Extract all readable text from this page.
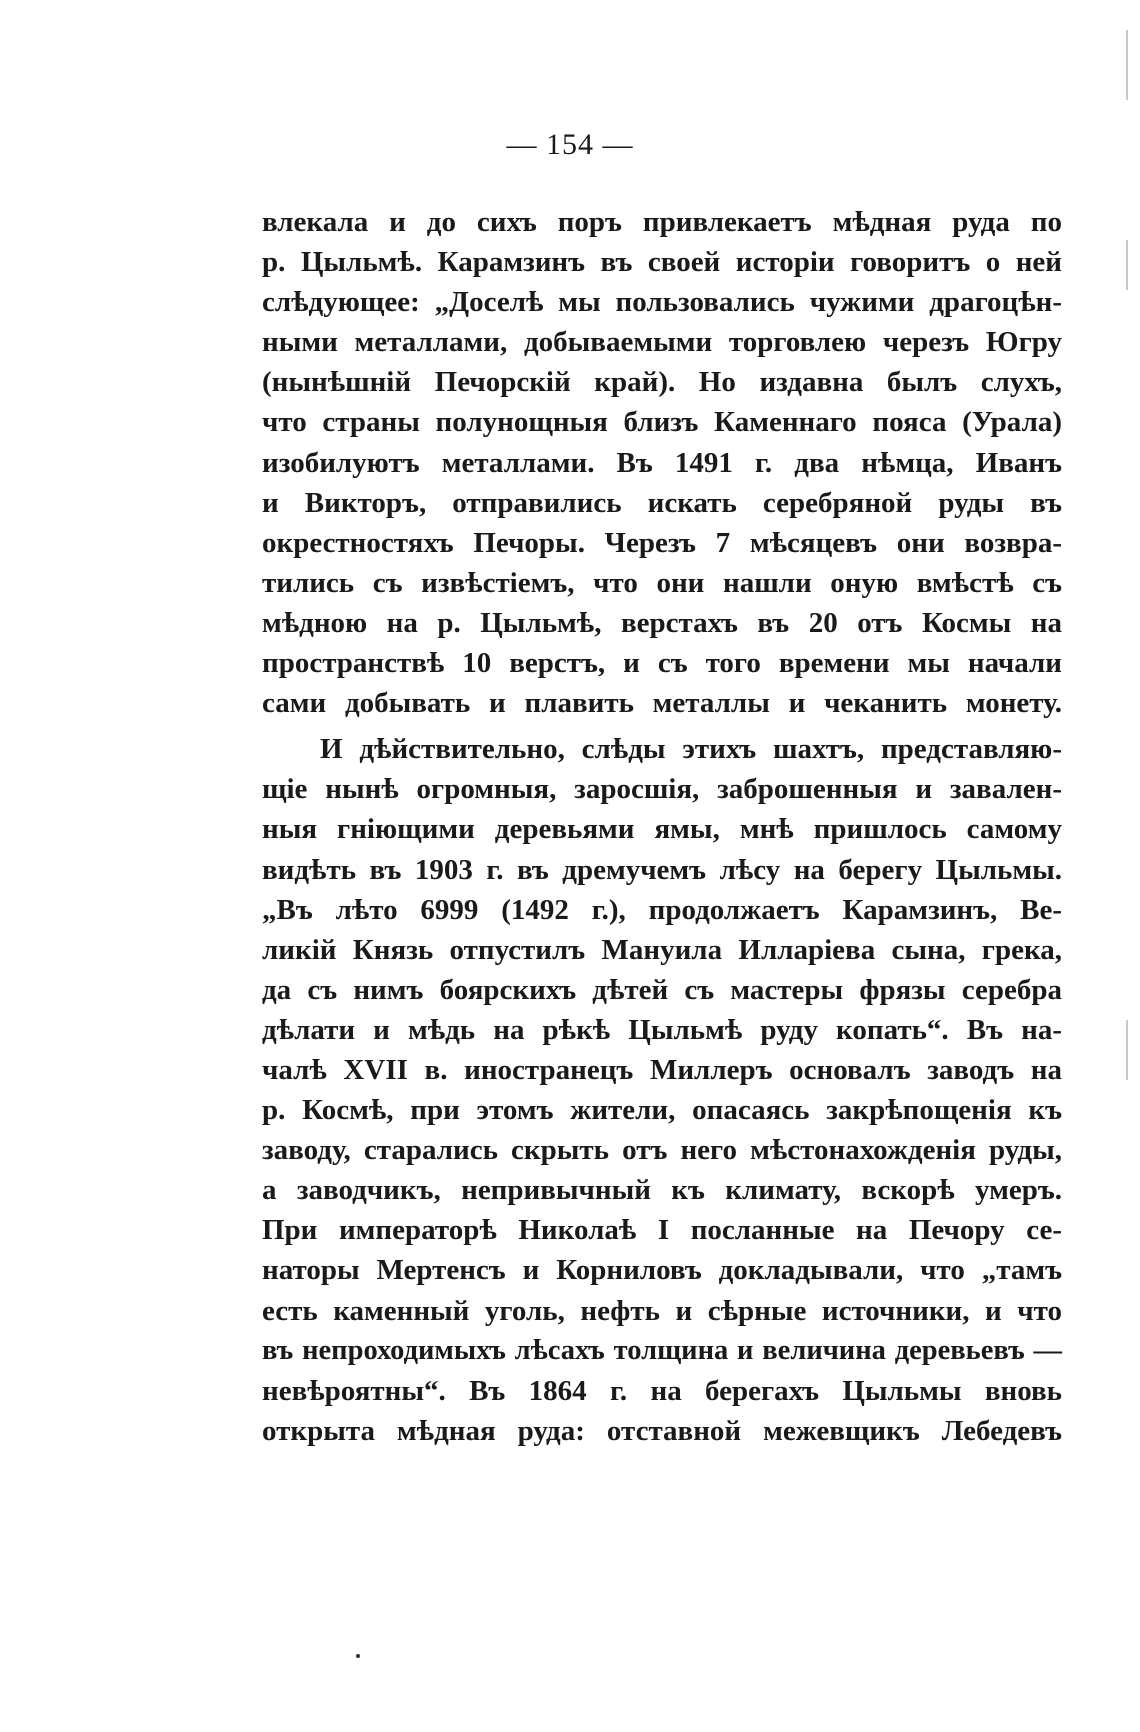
— 154 —
влекала и до сихъ поръ привлекаетъ мѣдная руда по
р. Цыльмѣ. Карамзинъ въ своей исторіи говоритъ о ней
слѣдующее: „Доселѣ мы пользовались чужими драгоцѣн-
ными металлами, добываемыми торговлею черезъ Югру
(нынѣшній Печорскій край). Но издавна былъ слухъ,
что страны полунощныя близъ Каменнаго пояса (Урала)
изобилуютъ металлами. Въ 1491 г. два нѣмца, Иванъ
и Викторъ, отправились искать серебряной руды въ
окрестностяхъ Печоры. Черезъ 7 мѣсяцевъ они возвра-
тились съ извѣстіемъ, что они нашли оную вмѣстѣ съ
мѣдною на р. Цыльмѣ, верстахъ въ 20 отъ Космы на
пространствѣ 10 верстъ, и съ того времени мы начали
сами добывать и плавить металлы и чеканить монету.
И дѣйствительно, слѣды этихъ шахтъ, представляю-
щіе нынѣ огромныя, заросшія, заброшенныя и завален-
ныя гніющими деревьями ямы, мнѣ пришлось самому
видѣть въ 1903 г. въ дремучемъ лѣсу на берегу Цыльмы.
„Въ лѣто 6999 (1492 г.), продолжаетъ Карамзинъ, Ве-
ликій Князь отпустилъ Мануила Илларіева сына, грека,
да съ нимъ боярскихъ дѣтей съ мастеры фрязы серебра
дѣлати и мѣдь на рѣкѣ Цыльмѣ руду копать“. Въ на-
чалѣ XVII в. иностранецъ Миллеръ основалъ заводъ на
р. Космѣ, при этомъ жители, опасаясь закрѣпощенія къ
заводу, старались скрыть отъ него мѣстонахожденія руды,
а заводчикъ, непривычный къ климату, вскорѣ умеръ.
При императорѣ Николаѣ I посланные на Печору се-
наторы Мертенсъ и Корниловъ докладывали, что „тамъ
есть каменный уголь, нефть и сѣрные источники, и что
въ непроходимыхъ лѣсахъ толщина и величина деревьевъ —
невѣроятны“. Въ 1864 г. на берегахъ Цыльмы вновь
открыта мѣдная руда: отставной межевщикъ Лебедевъ
